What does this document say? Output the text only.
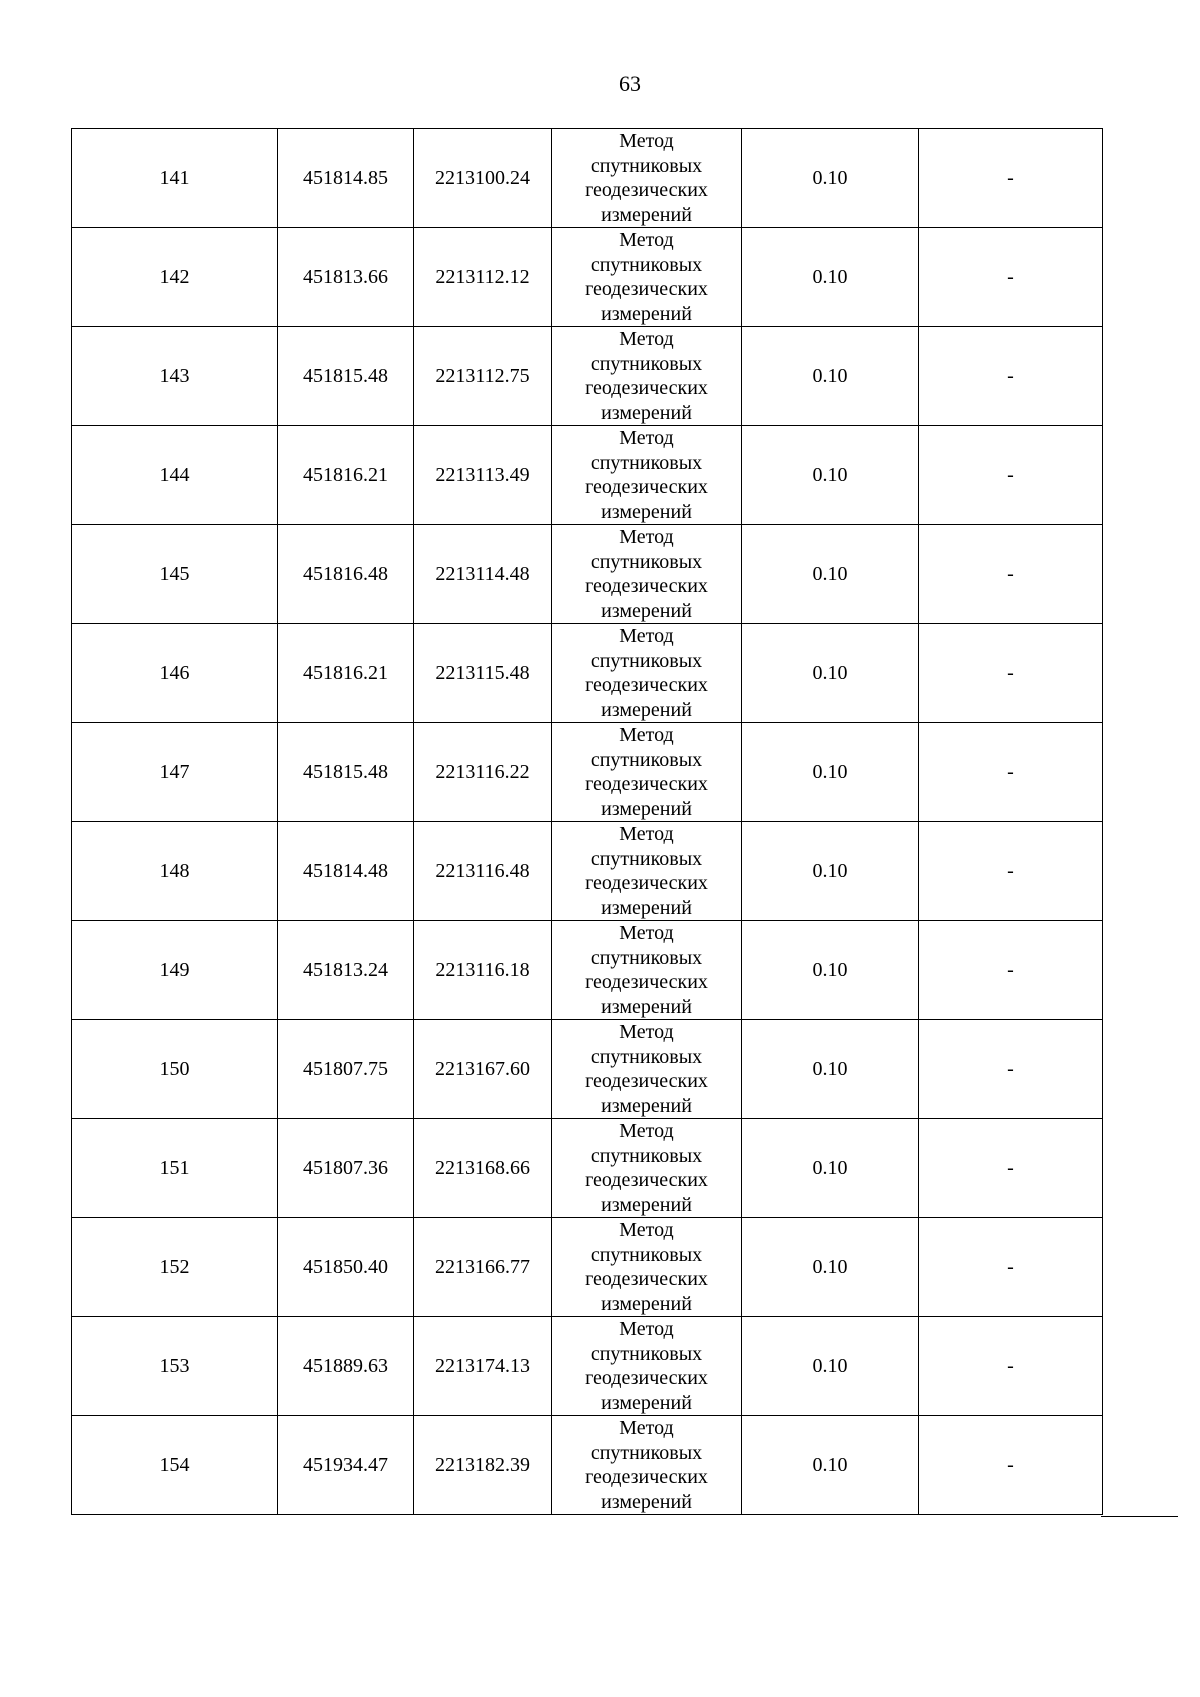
63
141	451814.85	2213100.24	Метод
спутниковых
геодезических
измерений	0.10	-
142	451813.66	2213112.12	Метод
спутниковых
геодезических
измерений	0.10	-
143	451815.48	2213112.75	Метод
спутниковых
геодезических
измерений	0.10	-
144	451816.21	2213113.49	Метод
спутниковых
геодезических
измерений	0.10	-
145	451816.48	2213114.48	Метод
спутниковых
геодезических
измерений	0.10	-
146	451816.21	2213115.48	Метод
спутниковых
геодезических
измерений	0.10	-
147	451815.48	2213116.22	Метод
спутниковых
геодезических
измерений	0.10	-
148	451814.48	2213116.48	Метод
спутниковых
геодезических
измерений	0.10	-
149	451813.24	2213116.18	Метод
спутниковых
геодезических
измерений	0.10	-
150	451807.75	2213167.60	Метод
спутниковых
геодезических
измерений	0.10	-
151	451807.36	2213168.66	Метод
спутниковых
геодезических
измерений	0.10	-
152	451850.40	2213166.77	Метод
спутниковых
геодезических
измерений	0.10	-
153	451889.63	2213174.13	Метод
спутниковых
геодезических
измерений	0.10	-
154	451934.47	2213182.39	Метод
спутниковых
геодезических
измерений	0.10	-
